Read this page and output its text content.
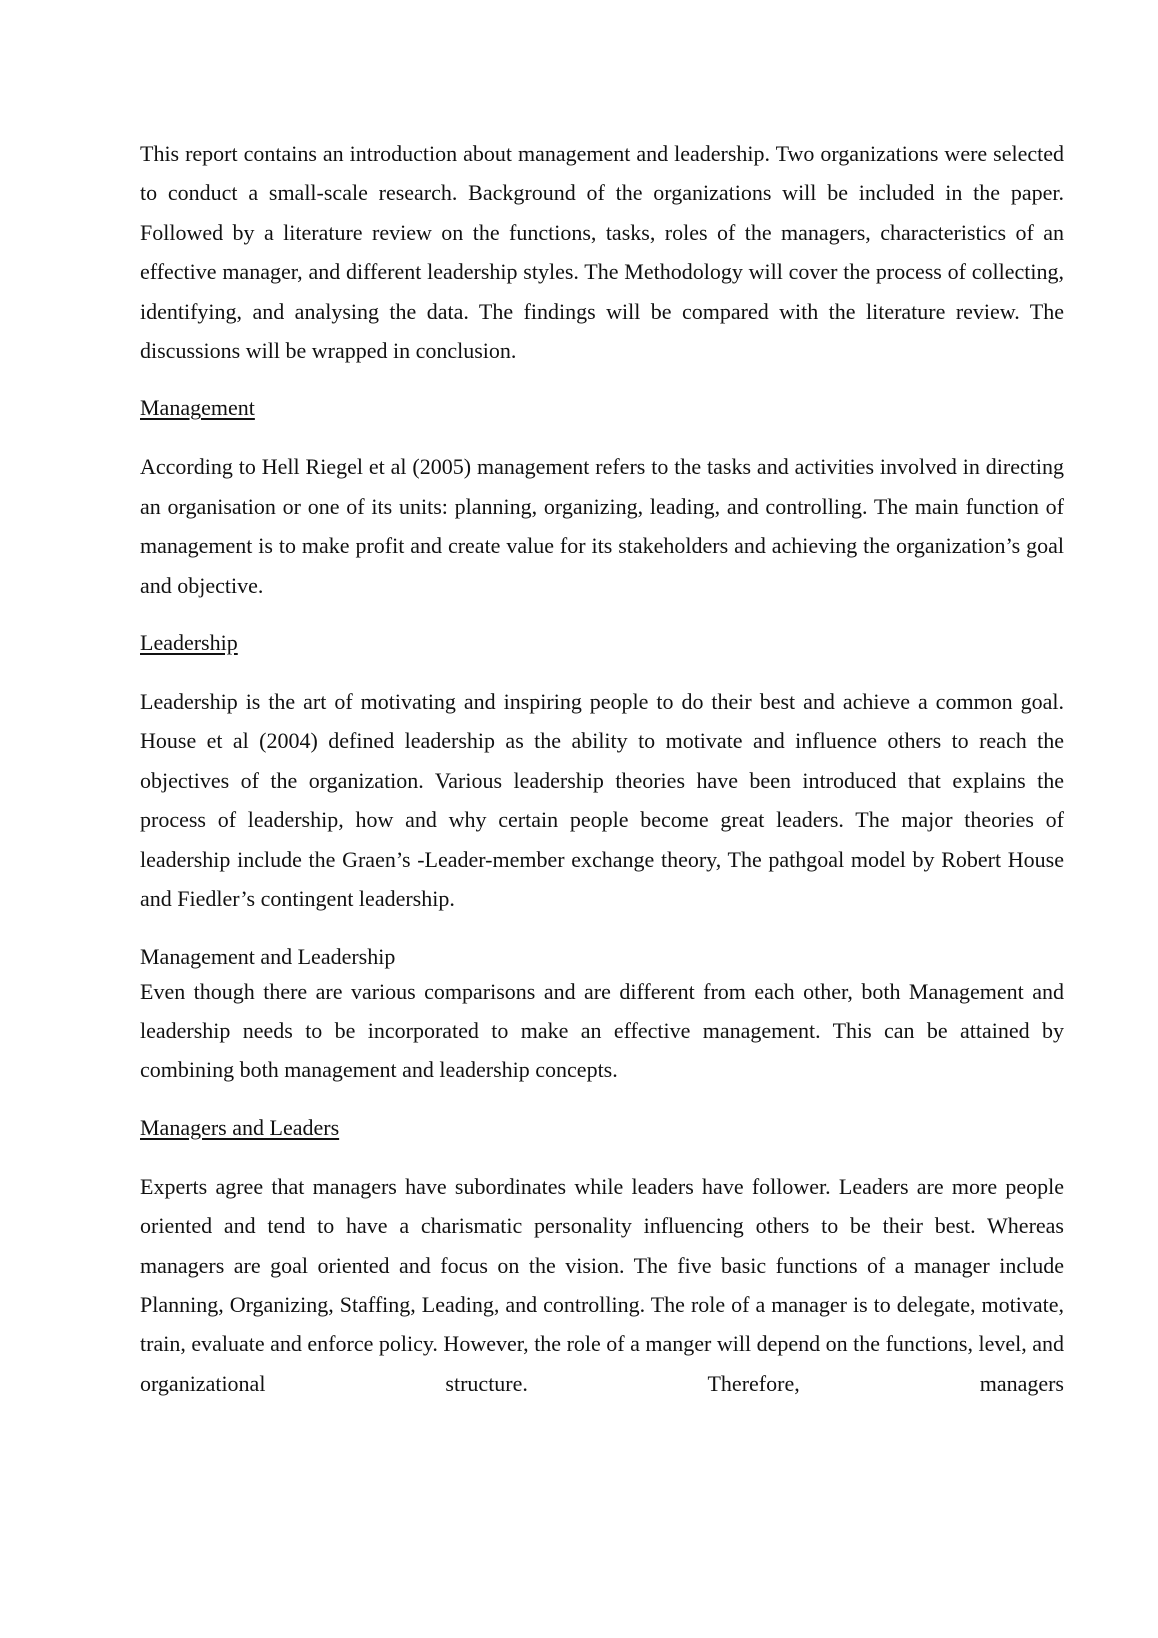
This report contains an introduction about management and leadership. Two organizations were selected to conduct a small-scale research. Background of the organizations will be included in the paper. Followed by a literature review on the functions, tasks, roles of the managers, characteristics of an effective manager, and different leadership styles. The Methodology will cover the process of collecting, identifying, and analysing the data. The findings will be compared with the literature review. The discussions will be wrapped in conclusion.

Management

According to Hell Riegel et al (2005) management refers to the tasks and activities involved in directing an organisation or one of its units: planning, organizing, leading, and controlling. The main function of management is to make profit and create value for its stakeholders and achieving the organization’s goal and objective.

Leadership

Leadership is the art of motivating and inspiring people to do their best and achieve a common goal. House et al (2004) defined leadership as the ability to motivate and influence others to reach the objectives of the organization. Various leadership theories have been introduced that explains the process of leadership, how and why certain people become great leaders. The major theories of leadership include the Graen’s -Leader-member exchange theory, The pathgoal model by Robert House and Fiedler’s contingent leadership.

Management and Leadership

Even though there are various comparisons and are different from each other, both Management and leadership needs to be incorporated to make an effective management. This can be attained by combining both management and leadership concepts.

Managers and Leaders

Experts agree that managers have subordinates while leaders have follower. Leaders are more people oriented and tend to have a charismatic personality influencing others to be their best. Whereas managers are goal oriented and focus on the vision. The five basic functions of a manager include Planning, Organizing, Staffing, Leading, and controlling. The role of a manager is to delegate, motivate, train, evaluate and enforce policy. However, the role of a manger will depend on the functions, level, and organizational structure. Therefore, managers
